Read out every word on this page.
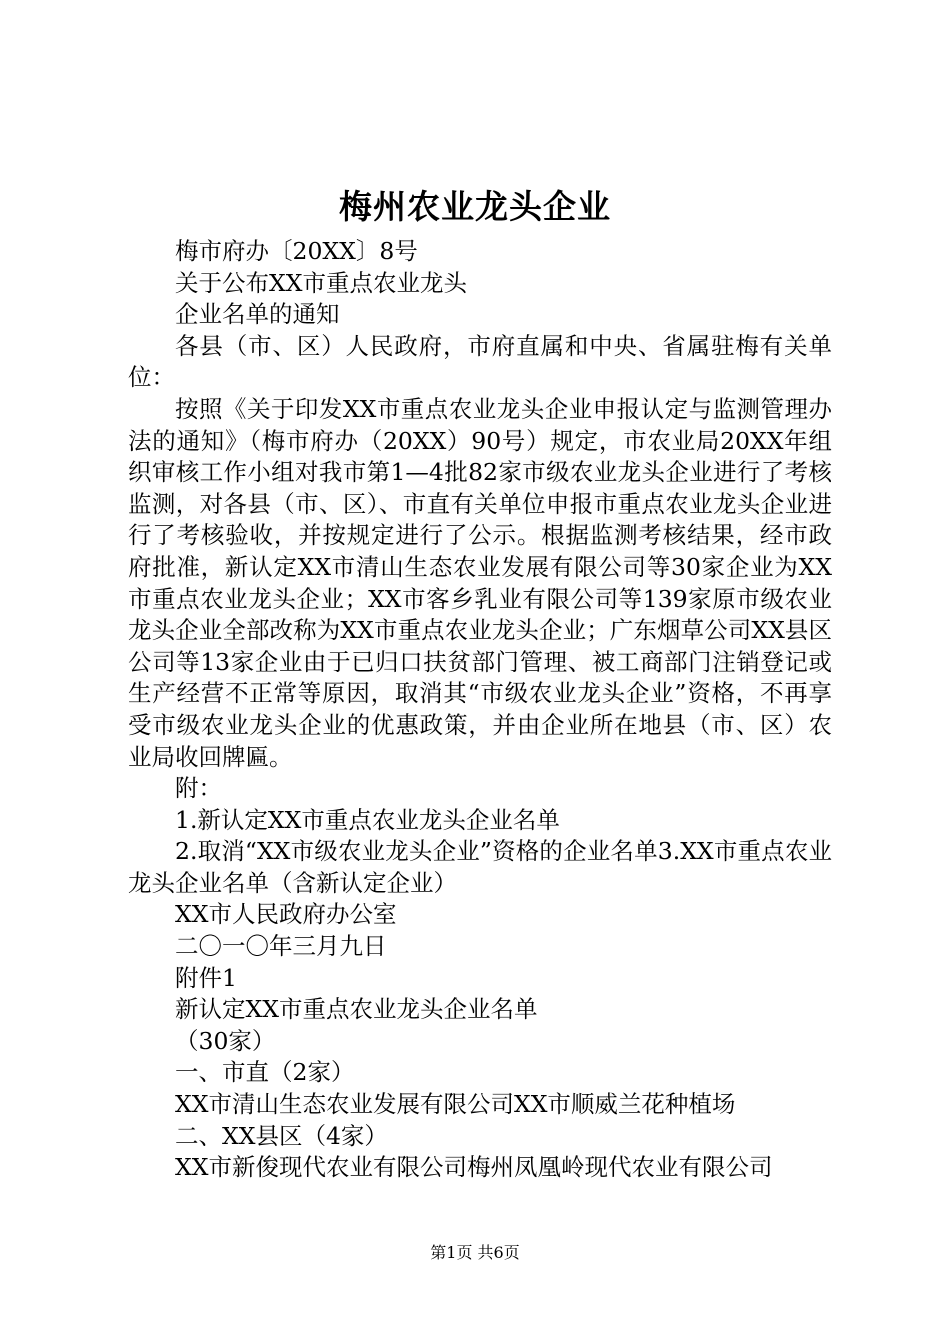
梅州农业龙头企业

梅市府办〔20XX〕8号

关于公布XX市重点农业龙头

企业名单的通知

各县（市、区）人民政府，市府直属和中央、省属驻梅有关单位：

按照《关于印发XX市重点农业龙头企业申报认定与监测管理办法的通知》（梅市府办（20XX）90号）规定，市农业局20XX年组织审核工作小组对我市第1—4批82家市级农业龙头企业进行了考核监测，对各县（市、区）、市直有关单位申报市重点农业龙头企业进行了考核验收，并按规定进行了公示。根据监测考核结果，经市政府批准，新认定XX市清山生态农业发展有限公司等30家企业为XX市重点农业龙头企业；XX市客乡乳业有限公司等139家原市级农业龙头企业全部改称为XX市重点农业龙头企业；广东烟草公司XX县区公司等13家企业由于已归口扶贫部门管理、被工商部门注销登记或生产经营不正常等原因，取消其“市级农业龙头企业”资格，不再享受市级农业龙头企业的优惠政策，并由企业所在地县（市、区）农业局收回牌匾。

附：

1.新认定XX市重点农业龙头企业名单

2.取消“XX市级农业龙头企业”资格的企业名单3.XX市重点农业龙头企业名单（含新认定企业）

XX市人民政府办公室

二〇一〇年三月九日

附件1

新认定XX市重点农业龙头企业名单

（30家）

一、市直（2家）

XX市清山生态农业发展有限公司XX市顺威兰花种植场

二、XX县区（4家）

XX市新俊现代农业有限公司梅州凤凰岭现代农业有限公司

第1页 共6页
